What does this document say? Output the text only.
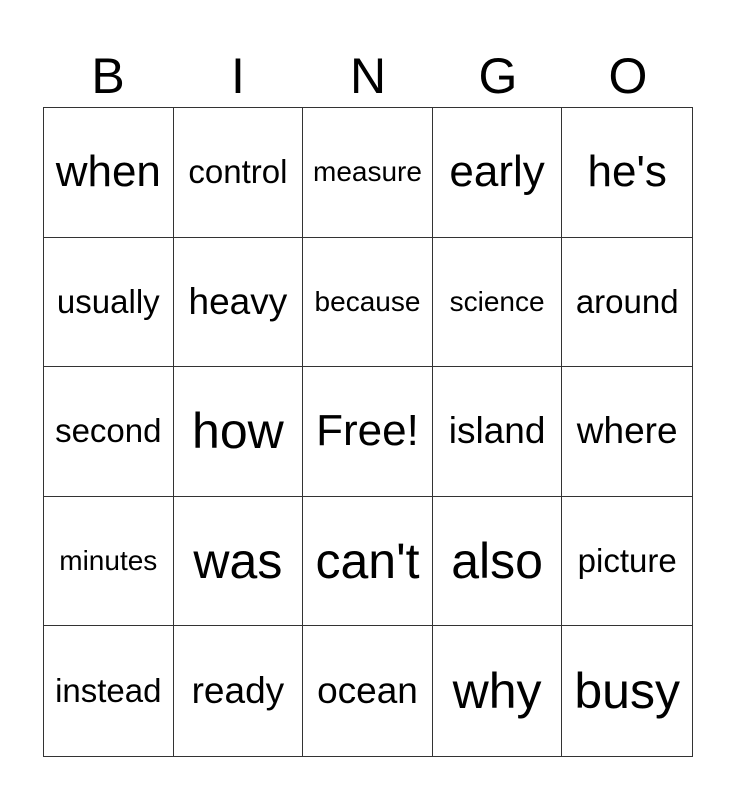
B	I	N	G	O
when control measure early he's
usually heavy because	science around
second how Free! island where
minutes was can't also	picture
instead ready ocean why busy
